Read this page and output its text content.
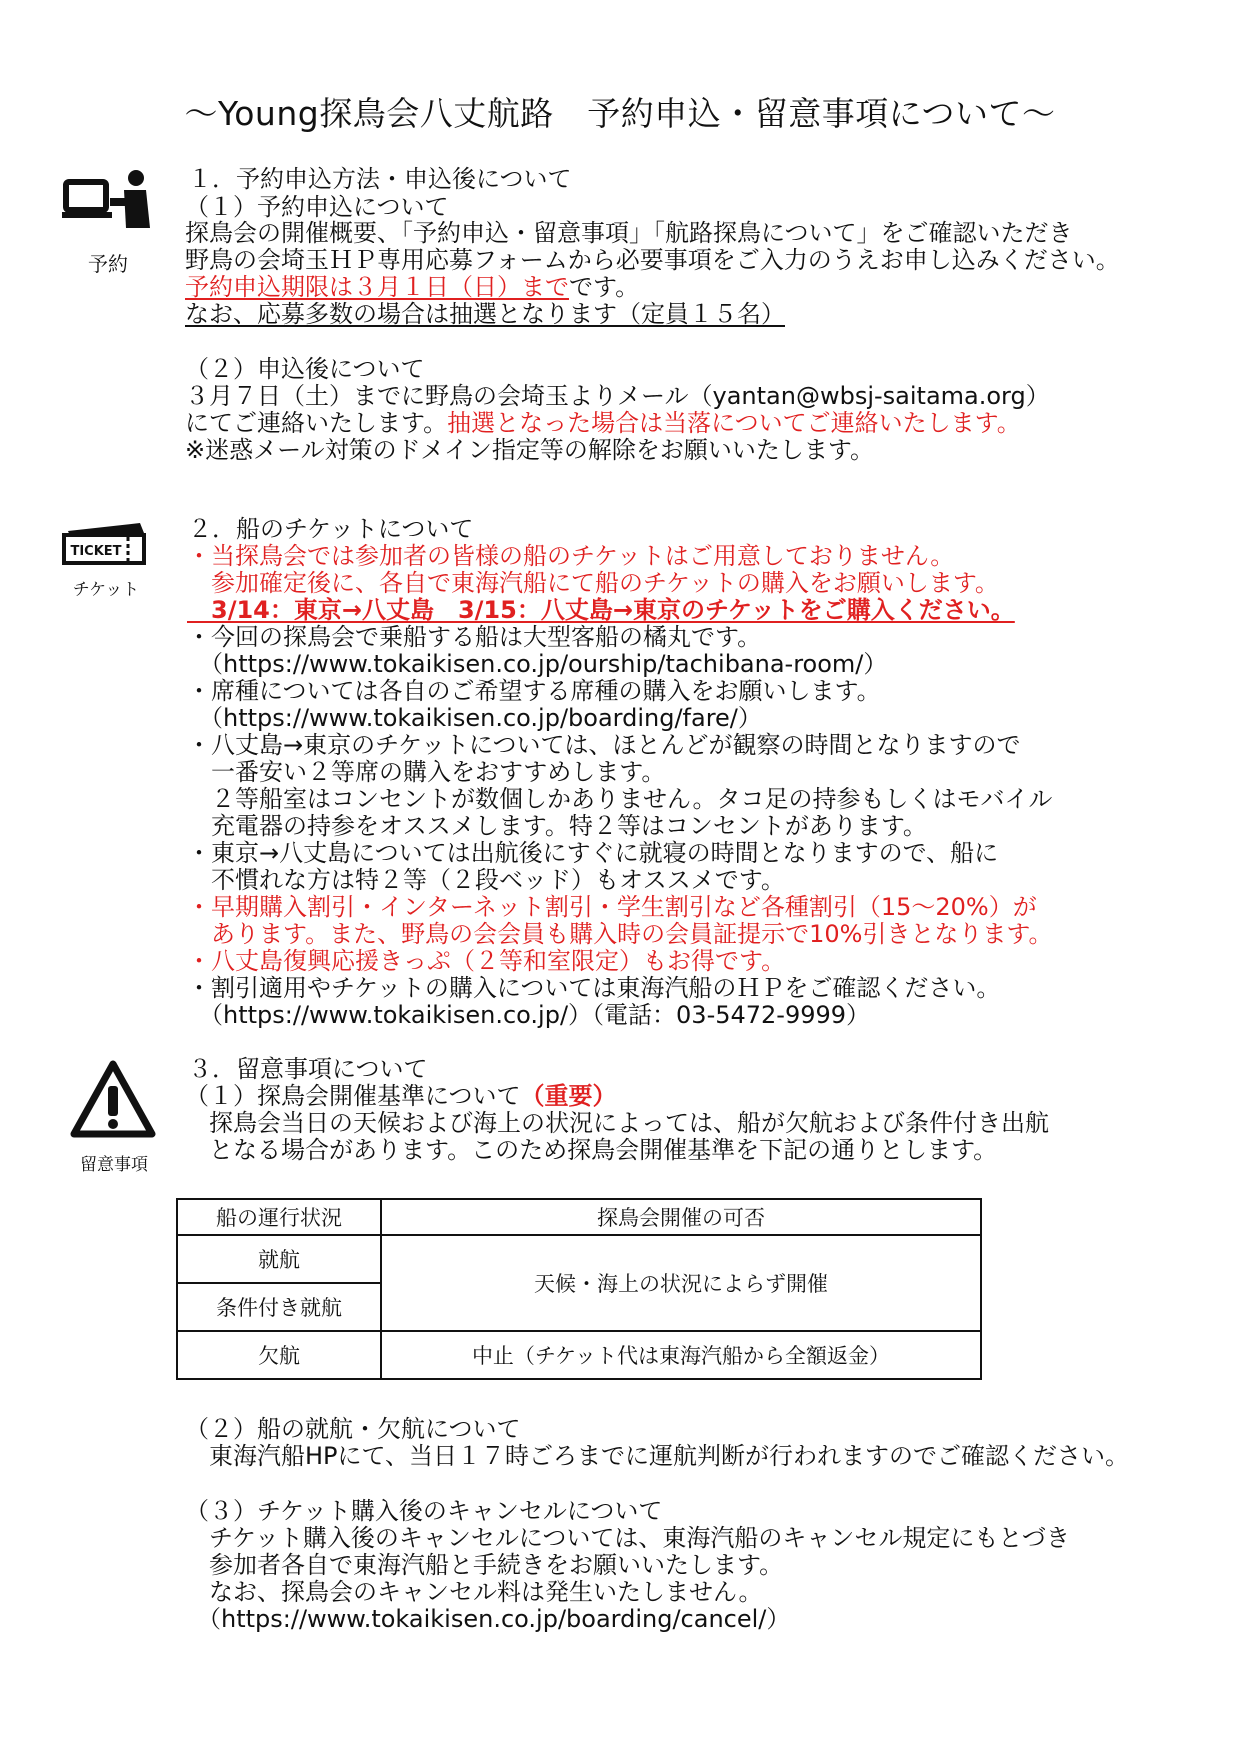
～Young探鳥会八丈航路　予約申込・留意事項について～
予約
TICKET
チケット
留意事項
１．予約申込方法・申込後について
（１）予約申込について
探鳥会の開催概要、「予約申込・留意事項」「航路探鳥について」をご確認いただき
野鳥の会埼玉ＨＰ専用応募フォームから必要事項をご入力のうえお申し込みください。
予約申込期限は３月１日（日）までです。
なお、応募多数の場合は抽選となります（定員１５名）
（２）申込後について
３月７日（土）までに野鳥の会埼玉よりメール（yantan@wbsj-saitama.org）
にてご連絡いたします。抽選となった場合は当落についてご連絡いたします。
※迷惑メール対策のドメイン指定等の解除をお願いいたします。
２．船のチケットについて
・当探鳥会では参加者の皆様の船のチケットはご用意しておりません。
　参加確定後に、各自で東海汽船にて船のチケットの購入をお願いします。
　3/14：東京→八丈島　3/15：八丈島→東京のチケットをご購入ください。
・今回の探鳥会で乗船する船は大型客船の橘丸です。
　（https://www.tokaikisen.co.jp/ourship/tachibana-room/）
・席種については各自のご希望する席種の購入をお願いします。
　（https://www.tokaikisen.co.jp/boarding/fare/）
・八丈島→東京のチケットについては、ほとんどが観察の時間となりますので
　一番安い２等席の購入をおすすめします。
　２等船室はコンセントが数個しかありません。タコ足の持参もしくはモバイル
　充電器の持参をオススメします。特２等はコンセントがあります。
・東京→八丈島については出航後にすぐに就寝の時間となりますので、船に
　不慣れな方は特２等（２段ベッド）もオススメです。
・早期購入割引・インターネット割引・学生割引など各種割引（15～20%）が
　あります。また、野鳥の会会員も購入時の会員証提示で10%引きとなります。
・八丈島復興応援きっぷ（２等和室限定）もお得です。
・割引適用やチケットの購入については東海汽船のＨＰをご確認ください。
　（https://www.tokaikisen.co.jp/）（電話：03-5472-9999）
３．留意事項について
（１）探鳥会開催基準について（重要）
　探鳥会当日の天候および海上の状況によっては、船が欠航および条件付き出航
　となる場合があります。このため探鳥会開催基準を下記の通りとします。
船の運行状況	探鳥会開催の可否
就航	天候・海上の状況によらず開催
条件付き就航	
欠航	中止（チケット代は東海汽船から全額返金）
（２）船の就航・欠航について
　東海汽船HPにて、当日１７時ごろまでに運航判断が行われますのでご確認ください。
（３）チケット購入後のキャンセルについて
　チケット購入後のキャンセルについては、東海汽船のキャンセル規定にもとづき
　参加者各自で東海汽船と手続きをお願いいたします。
　なお、探鳥会のキャンセル料は発生いたしません。
　（https://www.tokaikisen.co.jp/boarding/cancel/）
